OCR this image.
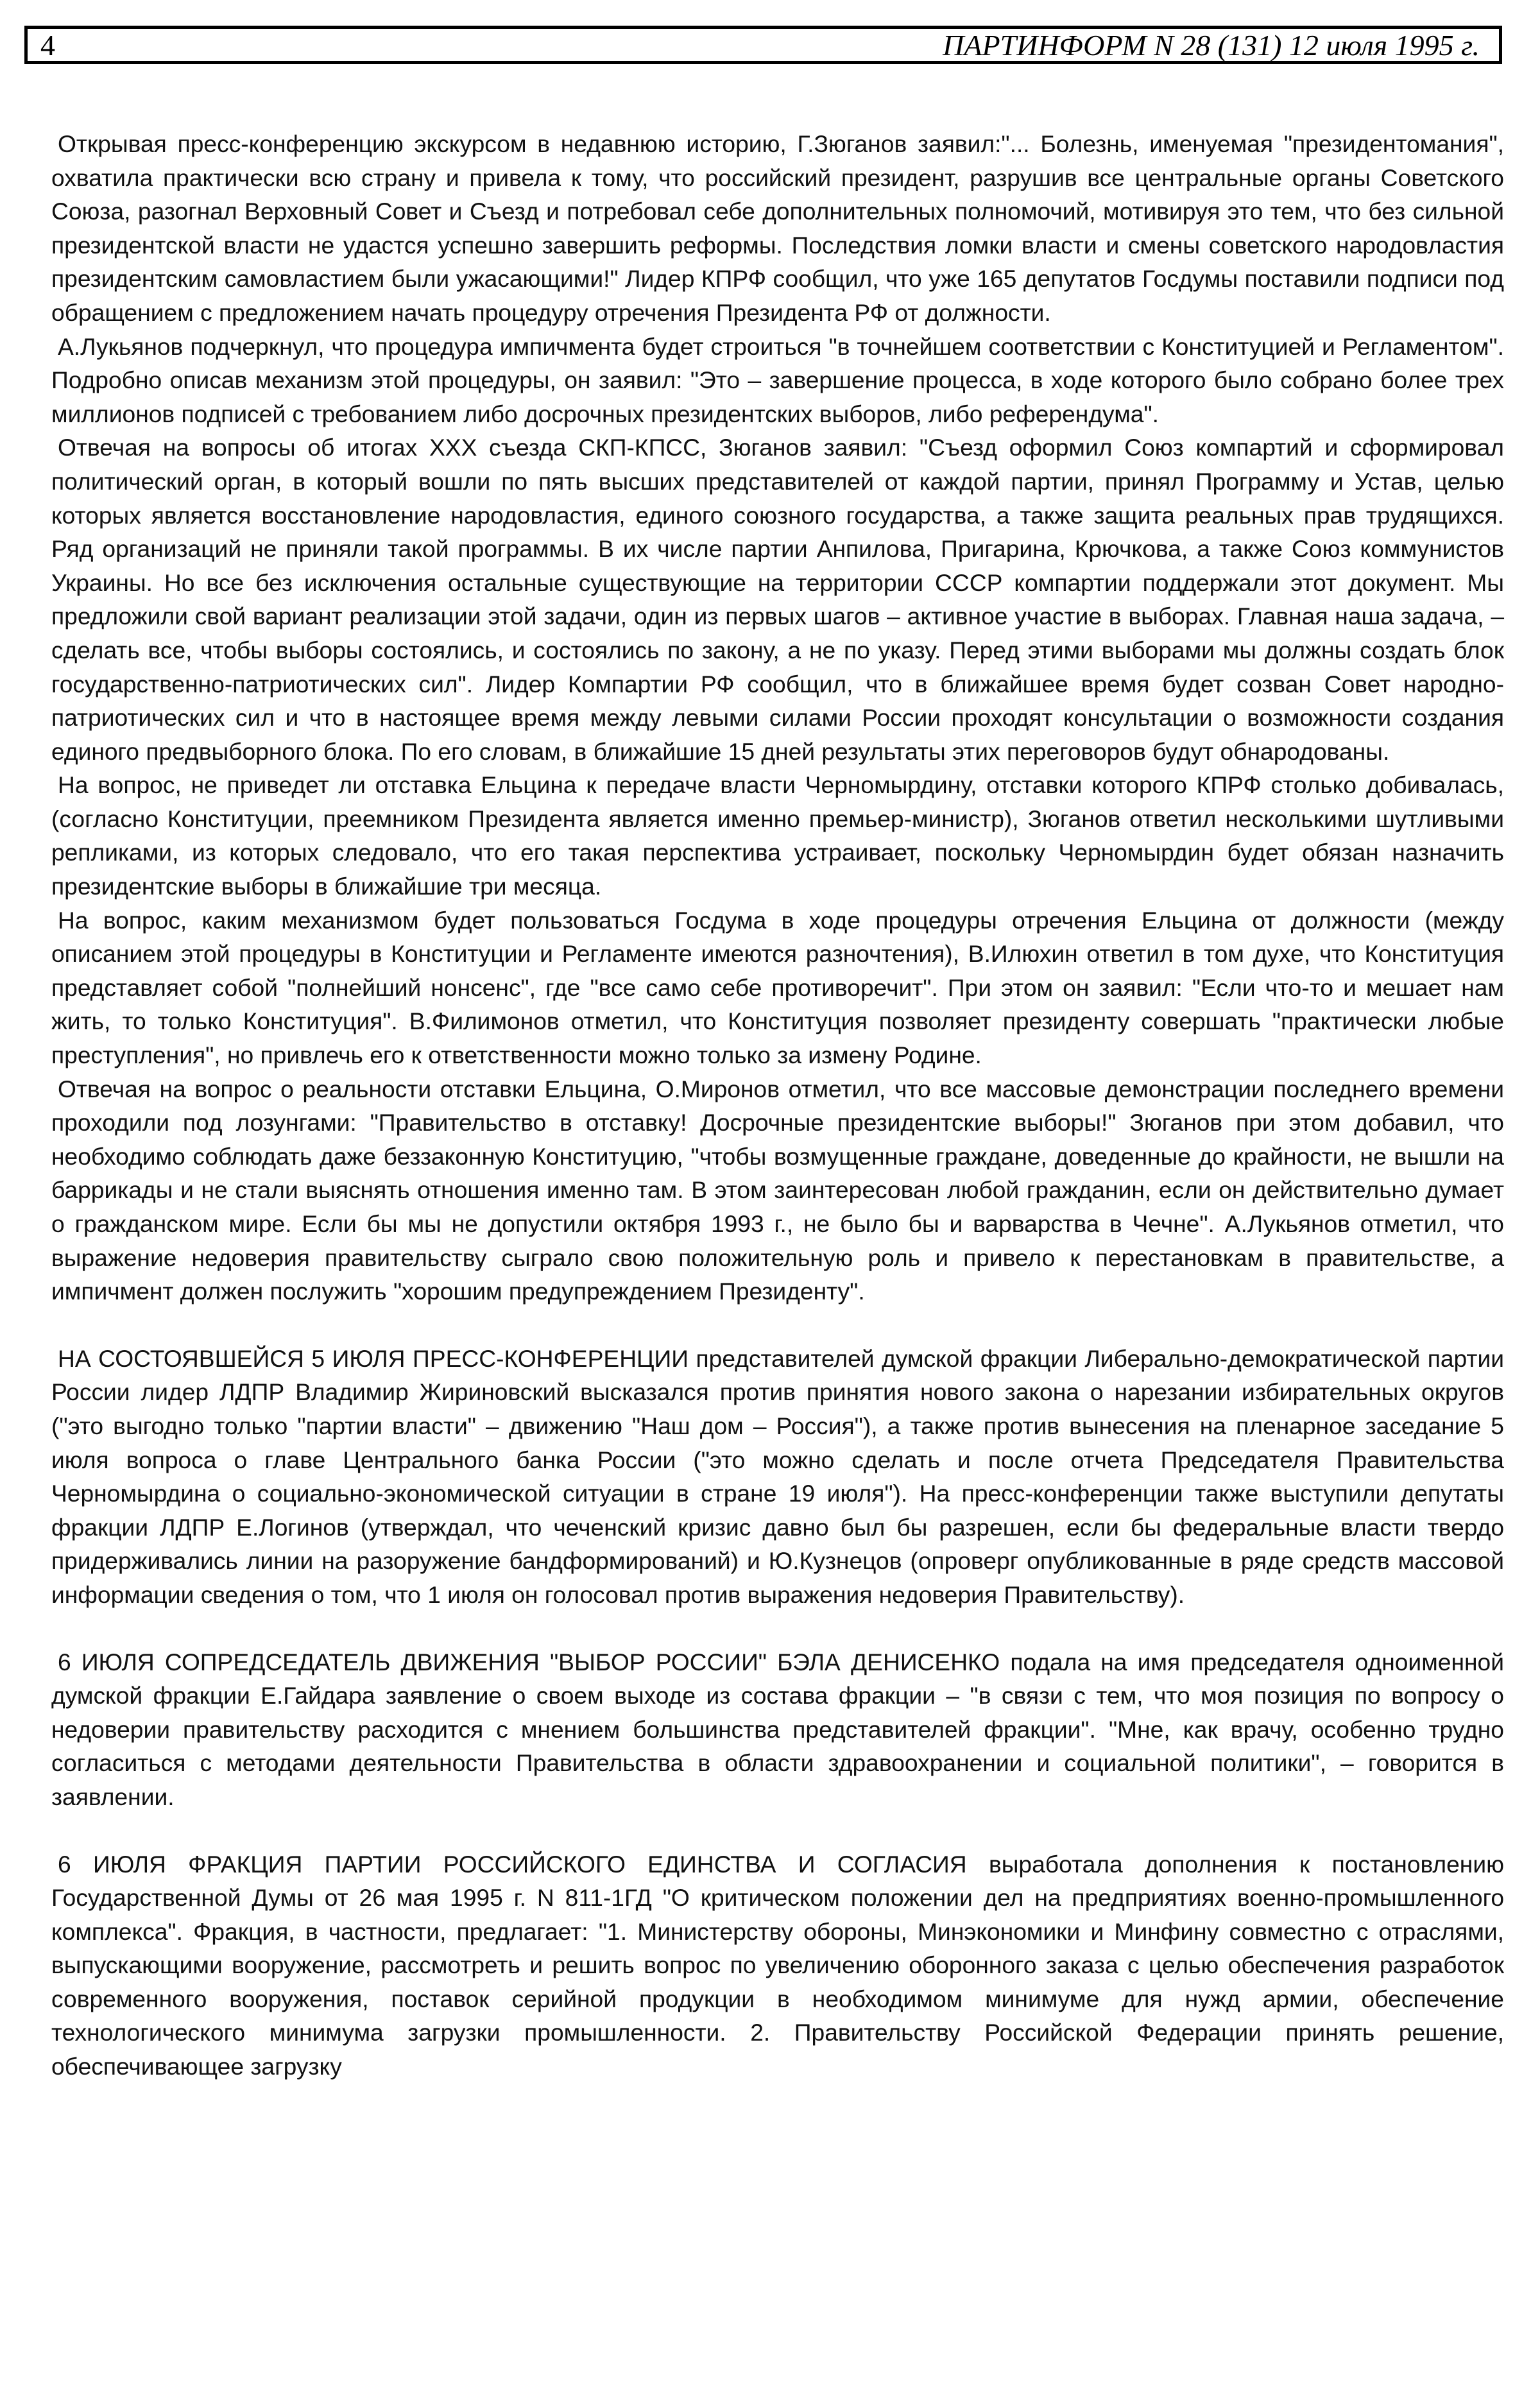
4	ПАРТИНФОРМ N 28 (131) 12 июля 1995 г.

Открывая пресс-конференцию экскурсом в недавнюю историю, Г.Зюганов заявил:"... Болезнь, именуемая "президентомания", охватила практически всю страну и привела к тому, что российский президент, разрушив все центральные органы Советского Союза, разогнал Верховный Совет и Съезд и потребовал себе дополнительных полномочий, мотивируя это тем, что без сильной президентской власти не удастся успешно завершить реформы. Последствия ломки власти и смены советского народовластия президентским самовластием были ужасающими!" Лидер КПРФ сообщил, что уже 165 депутатов Госдумы поставили подписи под обращением с предложением начать процедуру отречения Президента РФ от должности.

А.Лукьянов подчеркнул, что процедура импичмента будет строиться "в точнейшем соответствии с Конституцией и Регламентом". Подробно описав механизм этой процедуры, он заявил: "Это – завершение процесса, в ходе которого было собрано более трех миллионов подписей с требованием либо досрочных президентских выборов, либо референдума".

Отвечая на вопросы об итогах XXX съезда СКП-КПСС, Зюганов заявил: "Съезд оформил Союз компартий и сформировал политический орган, в который вошли по пять высших представителей от каждой партии, принял Программу и Устав, целью которых является восстановление народовластия, единого союзного государства, а также защита реальных прав трудящихся. Ряд организаций не приняли такой программы. В их числе партии Анпилова, Пригарина, Крючкова, а также Союз коммунистов Украины. Но все без исключения остальные существующие на территории СССР компартии поддержали этот документ. Мы предложили свой вариант реализации этой задачи, один из первых шагов – активное участие в выборах. Главная наша задача, – сделать все, чтобы выборы состоялись, и состоялись по закону, а не по указу. Перед этими выборами мы должны создать блок государственно-патриотических сил". Лидер Компартии РФ сообщил, что в ближайшее время будет созван Совет народно-патриотических сил и что в настоящее время между левыми силами России проходят консультации о возможности создания единого предвыборного блока. По его словам, в ближайшие 15 дней результаты этих переговоров будут обнародованы.

На вопрос, не приведет ли отставка Ельцина к передаче власти Черномырдину, отставки которого КПРФ столько добивалась, (согласно Конституции, преемником Президента является именно премьер-министр), Зюганов ответил несколькими шутливыми репликами, из которых следовало, что его такая перспектива устраивает, поскольку Черномырдин будет обязан назначить президентские выборы в ближайшие три месяца.

На вопрос, каким механизмом будет пользоваться Госдума в ходе процедуры отречения Ельцина от должности (между описанием этой процедуры в Конституции и Регламенте имеются разночтения), В.Илюхин ответил в том духе, что Конституция представляет собой "полнейший нонсенс", где "все само себе противоречит". При этом он заявил: "Если что-то и мешает нам жить, то только Конституция". В.Филимонов отметил, что Конституция позволяет президенту совершать "практически любые преступления", но привлечь его к ответственности можно только за измену Родине.

Отвечая на вопрос о реальности отставки Ельцина, О.Миронов отметил, что все массовые демонстрации последнего времени проходили под лозунгами: "Правительство в отставку! Досрочные президентские выборы!" Зюганов при этом добавил, что необходимо соблюдать даже беззаконную Конституцию, "чтобы возмущенные граждане, доведенные до крайности, не вышли на баррикады и не стали выяснять отношения именно там. В этом заинтересован любой гражданин, если он действительно думает о гражданском мире. Если бы мы не допустили октября 1993 г., не было бы и варварства в Чечне". А.Лукьянов отметил, что выражение недоверия правительству сыграло свою положительную роль и привело к перестановкам в правительстве, а импичмент должен послужить "хорошим предупреждением Президенту".

НА СОСТОЯВШЕЙСЯ 5 ИЮЛЯ ПРЕСС-КОНФЕРЕНЦИИ представителей думской фракции Либерально-демократической партии России лидер ЛДПР Владимир Жириновский высказался против принятия нового закона о нарезании избирательных округов ("это выгодно только "партии власти" – движению "Наш дом – Россия"), а также против вынесения на пленарное заседание 5 июля вопроса о главе Центрального банка России ("это можно сделать и после отчета Председателя Правительства Черномырдина о социально-экономической ситуации в стране 19 июля"). На пресс-конференции также выступили депутаты фракции ЛДПР Е.Логинов (утверждал, что чеченский кризис давно был бы разрешен, если бы федеральные власти твердо придерживались линии на разоружение бандформирований) и Ю.Кузнецов (опроверг опубликованные в ряде средств массовой информации сведения о том, что 1 июля он голосовал против выражения недоверия Правительству).

6 ИЮЛЯ СОПРЕДСЕДАТЕЛЬ ДВИЖЕНИЯ "ВЫБОР РОССИИ" БЭЛА ДЕНИСЕНКО подала на имя председателя одноименной думской фракции Е.Гайдара заявление о своем выходе из состава фракции – "в связи с тем, что моя позиция по вопросу о недоверии правительству расходится с мнением большинства представителей фракции". "Мне, как врачу, особенно трудно согласиться с методами деятельности Правительства в области здравоохранении и социальной политики", – говорится в заявлении.

6 ИЮЛЯ ФРАКЦИЯ ПАРТИИ РОССИЙСКОГО ЕДИНСТВА И СОГЛАСИЯ выработала дополнения к постановлению Государственной Думы от 26 мая 1995 г. N 811-1ГД "О критическом положении дел на предприятиях военно-промышленного комплекса". Фракция, в частности, предлагает: "1. Министерству обороны, Минэкономики и Минфину совместно с отраслями, выпускающими вооружение, рассмотреть и решить вопрос по увеличению оборонного заказа с целью обеспечения разработок современного вооружения, поставок серийной продукции в необходимом минимуме для нужд армии, обеспечение технологического минимума загрузки промышленности. 2. Правительству Российской Федерации принять решение, обеспечивающее загрузку
